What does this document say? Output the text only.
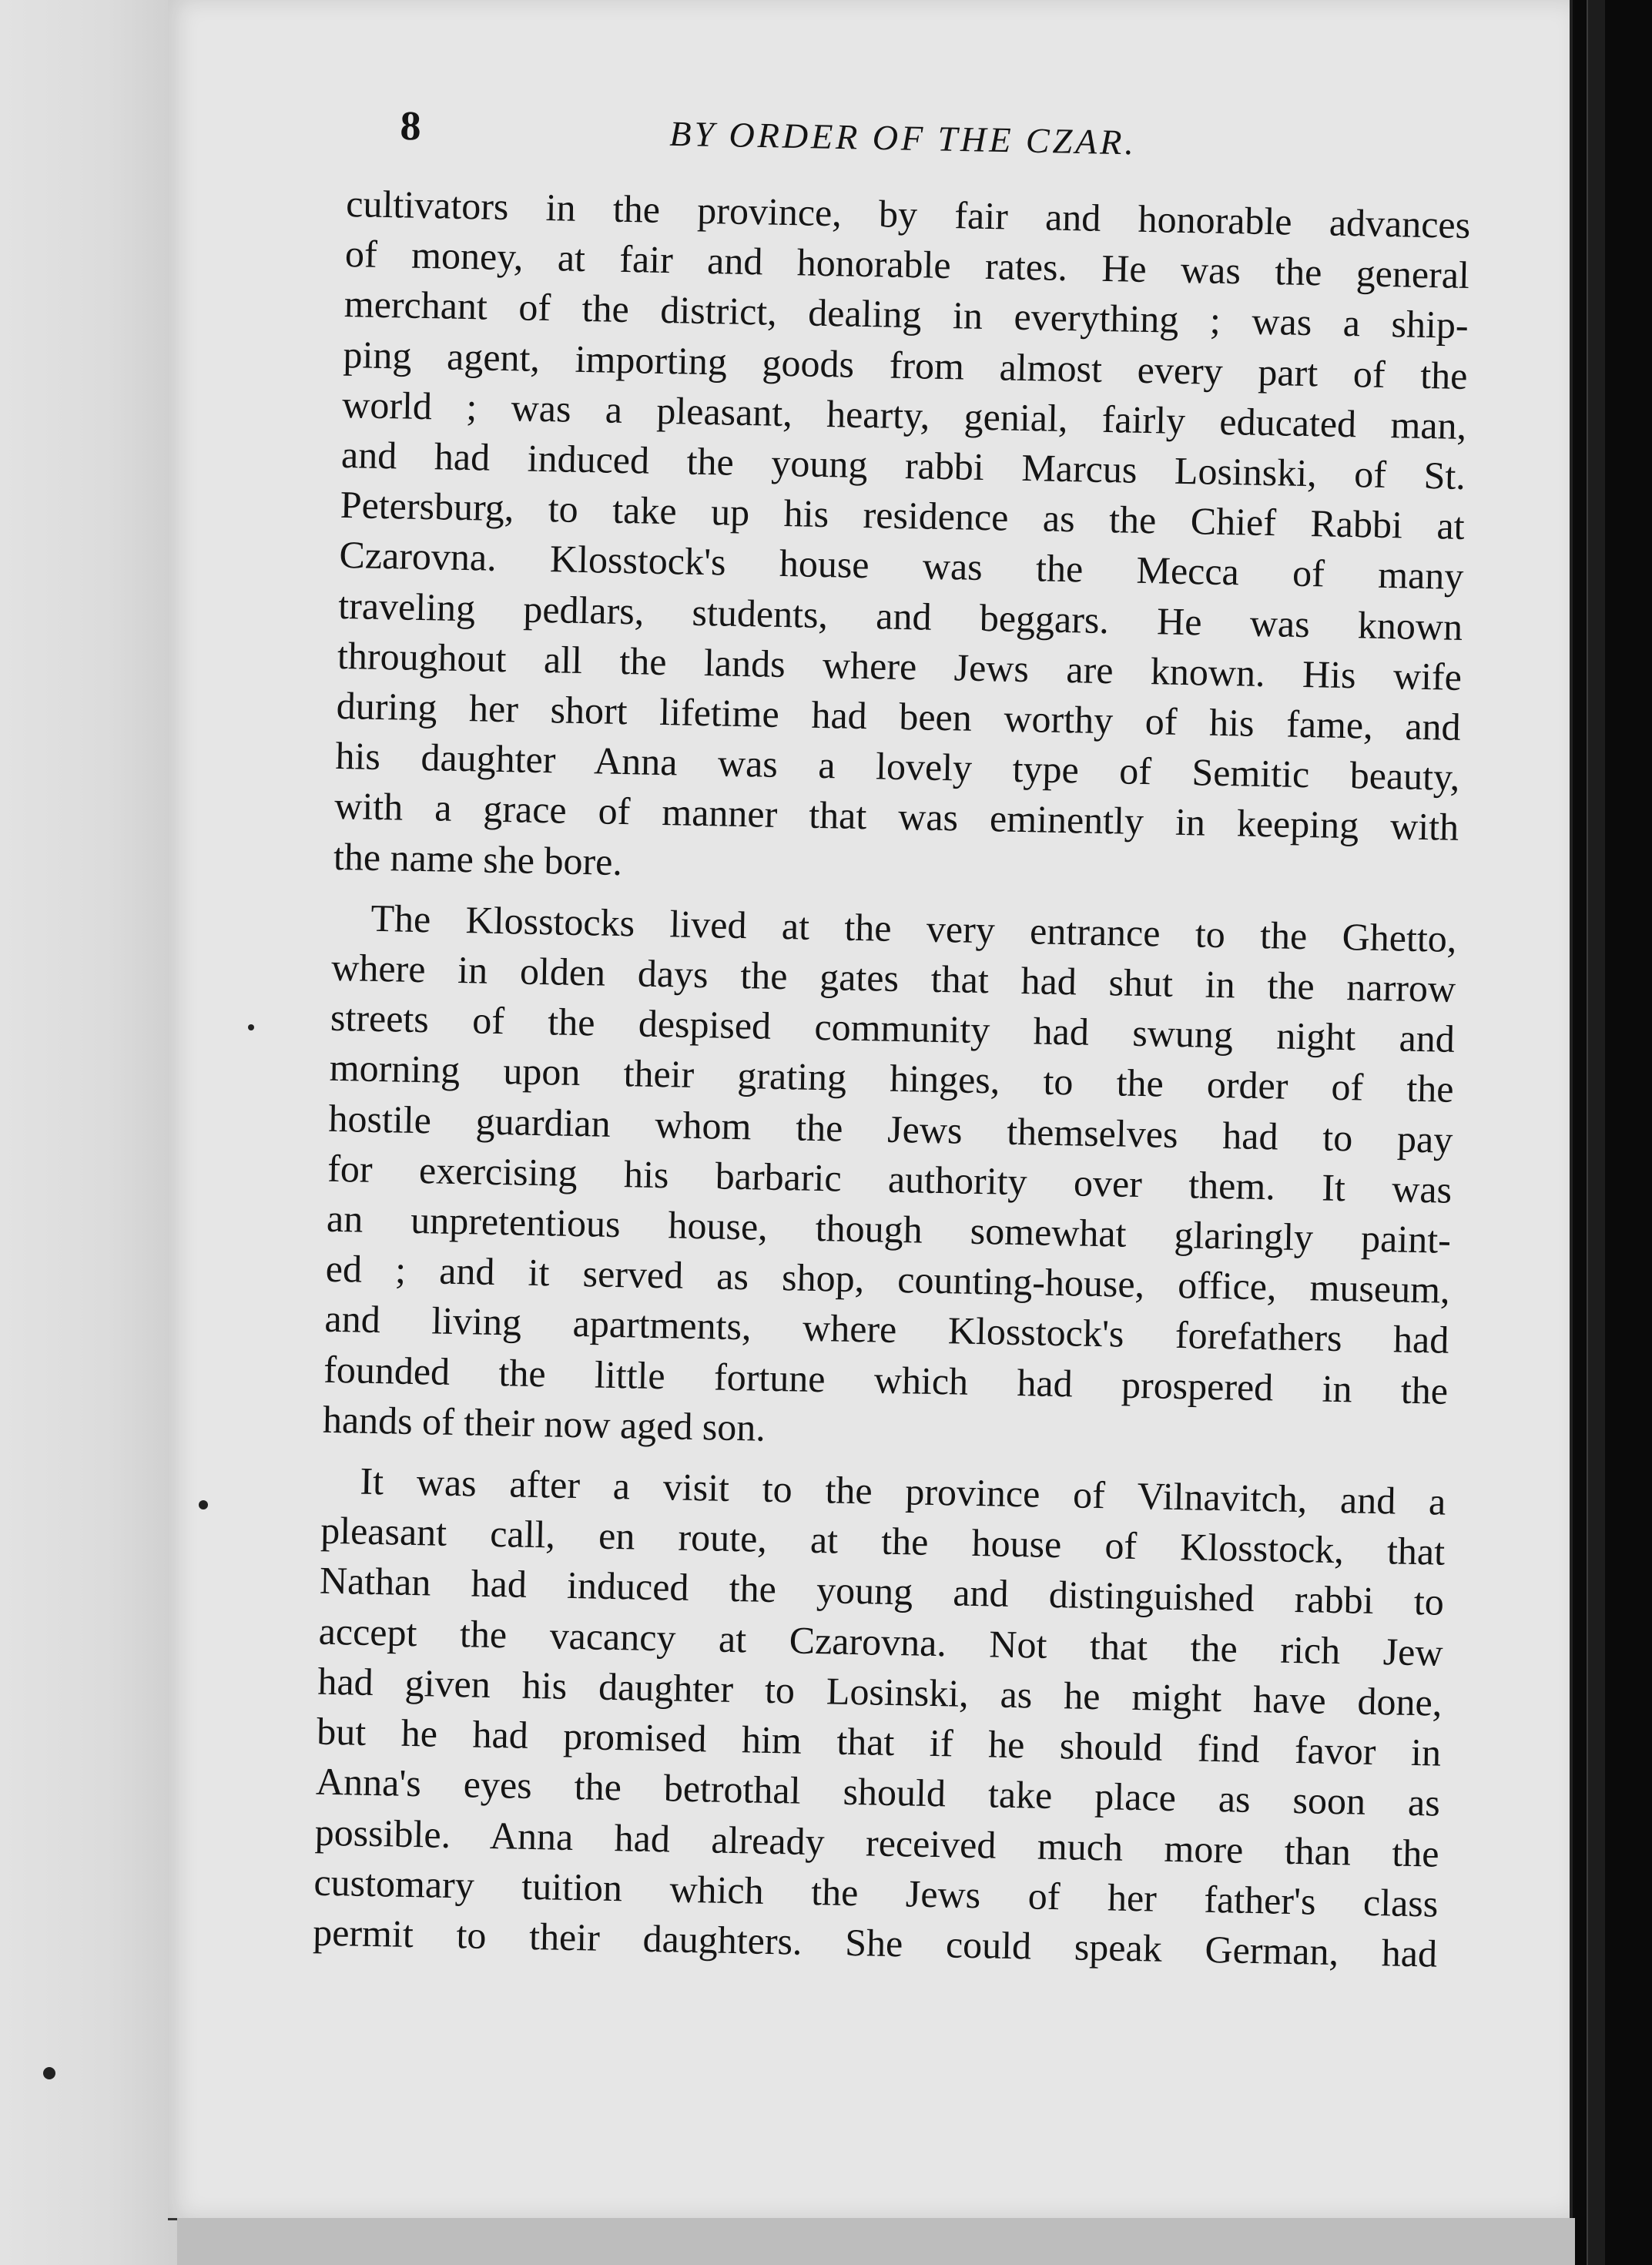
8	BY ORDER OF THE CZAR.
cultivators in the province, by fair and honorable advances
of money, at fair and honorable rates. He was the general
merchant of the district, dealing in everything ; was a ship-
ping agent, importing goods from almost every part of the
world ; was a pleasant, hearty, genial, fairly educated man,
and had induced the young rabbi Marcus Losinski, of St.
Petersburg, to take up his residence as the Chief Rabbi at
Czarovna. Klosstock's house was the Mecca of many
traveling pedlars, students, and beggars. He was known
throughout all the lands where Jews are known. His wife
during her short lifetime had been worthy of his fame, and
his daughter Anna was a lovely type of Semitic beauty,
with a grace of manner that was eminently in keeping with
the name she bore.
The Klosstocks lived at the very entrance to the Ghetto,
where in olden days the gates that had shut in the narrow
streets of the despised community had swung night and
morning upon their grating hinges, to the order of the
hostile guardian whom the Jews themselves had to pay
for exercising his barbaric authority over them. It was
an unpretentious house, though somewhat glaringly paint-
ed ; and it served as shop, counting-house, office, museum,
and living apartments, where Klosstock's forefathers had
founded the little fortune which had prospered in the
hands of their now aged son.
It was after a visit to the province of Vilnavitch, and a
pleasant call, en route, at the house of Klosstock, that
Nathan had induced the young and distinguished rabbi to
accept the vacancy at Czarovna. Not that the rich Jew
had given his daughter to Losinski, as he might have done,
but he had promised him that if he should find favor in
Anna's eyes the betrothal should take place as soon as
possible. Anna had already received much more than the
customary tuition which the Jews of her father's class
permit to their daughters. She could speak German, had
